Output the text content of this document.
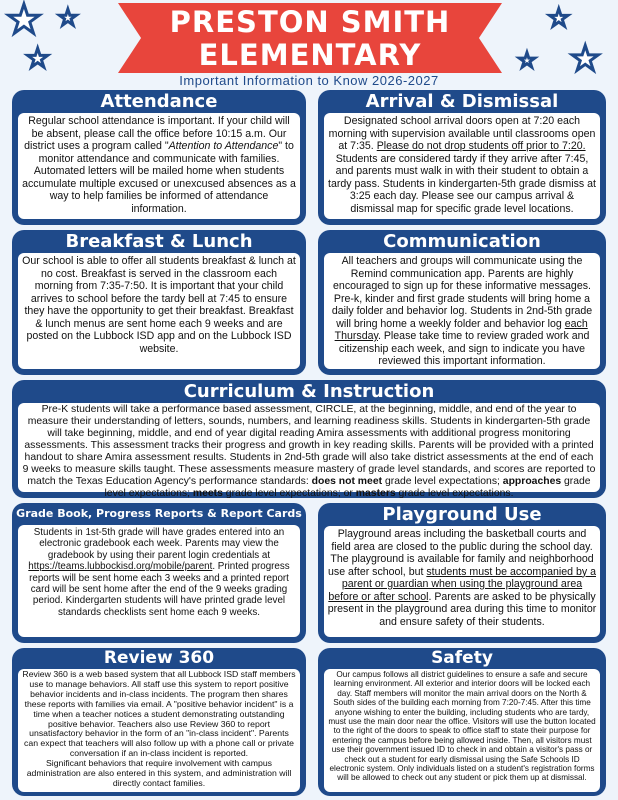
★ ★
★
★
★
★
PRESTON SMITH
ELEMENTARY
Important Information to Know 2026-2027
Attendance

Regular school attendance is important. If your child will be absent, please call the office before 10:15 a.m. Our district uses a program called "Attention to Attendance" to monitor attendance and communicate with families. Automated letters will be mailed home when students accumulate multiple excused or unexcused absences as a way to help families be informed of attendance information.

Arrival & Dismissal

Designated school arrival doors open at 7:20 each morning with supervision available until classrooms open at 7:35. Please do not drop students off prior to 7:20. Students are considered tardy if they arrive after 7:45, and parents must walk in with their student to obtain a tardy pass. Students in kindergarten-5th grade dismiss at 3:25 each day. Please see our campus arrival & dismissal map for specific grade level locations.

Breakfast & Lunch

Our school is able to offer all students breakfast & lunch at no cost. Breakfast is served in the classroom each morning from 7:35-7:50. It is important that your child arrives to school before the tardy bell at 7:45 to ensure they have the opportunity to get their breakfast. Breakfast & lunch menus are sent home each 9 weeks and are posted on the Lubbock ISD app and on the Lubbock ISD website.

Communication

All teachers and groups will communicate using the Remind communication app. Parents are highly encouraged to sign up for these informative messages. Pre-k, kinder and first grade students will bring home a daily folder and behavior log. Students in 2nd-5th grade will bring home a weekly folder and behavior log each Thursday. Please take time to review graded work and citizenship each week, and sign to indicate you have reviewed this important information.

Curriculum & Instruction

Pre-K students will take a performance based assessment, CIRCLE, at the beginning, middle, and end of the year to measure their understanding of letters, sounds, numbers, and learning readiness skills. Students in kindergarten-5th grade will take beginning, middle, and end of year digital reading Amira assessments with additional progress monitoring assessments. This assessment tracks their progress and growth in key reading skills. Parents will be provided with a printed handout to share Amira assessment results. Students in 2nd-5th grade will also take district assessments at the end of each 9 weeks to measure skills taught. These assessments measure mastery of grade level standards, and scores are reported to match the Texas Education Agency's performance standards: does not meet grade level expectations; approaches grade level expectations; meets grade level expectations; or masters grade level expectations.

Grade Book, Progress Reports & Report Cards

Students in 1st-5th grade will have grades entered into an electronic gradebook each week. Parents may view the gradebook by using their parent login credentials at https://teams.lubbockisd.org/mobile/parent. Printed progress reports will be sent home each 3 weeks and a printed report card will be sent home after the end of the 9 weeks grading period. Kindergarten students will have printed grade level standards checklists sent home each 9 weeks.

Playground Use

Playground areas including the basketball courts and field area are closed to the public during the school day. The playground is available for family and neighborhood use after school, but students must be accompanied by a parent or guardian when using the playground area before or after school. Parents are asked to be physically present in the playground area during this time to monitor and ensure safety of their students.

Review 360

Review 360 is a web based system that all Lubbock ISD staff members use to manage behaviors. All staff use this system to report positive behavior incidents and in-class incidents. The program then shares these reports with families via email. A "positive behavior incident" is a time when a teacher notices a student demonstrating outstanding positive behavior. Teachers also use Review 360 to report unsatisfactory behavior in the form of an "in-class incident". Parents can expect that teachers will also follow up with a phone call or private conversation if an in-class incident is reported.

Significant behaviors that require involvement with campus administration are also entered in this system, and administration will directly contact families.

Safety

Our campus follows all district guidelines to ensure a safe and secure learning environment. All exterior and interior doors will be locked each day. Staff members will monitor the main arrival doors on the North & South sides of the building each morning from 7:20-7:45. After this time anyone wishing to enter the building, including students who are tardy, must use the main door near the office. Visitors will use the button located to the right of the doors to speak to office staff to state their purpose for entering the campus before being allowed inside. Then, all visitors must use their government issued ID to check in and obtain a visitor's pass or check out a student for early dismissal using the Safe Schools ID electronic system. Only individuals listed on a student's registration forms will be allowed to check out any student or pick them up at dismissal.
